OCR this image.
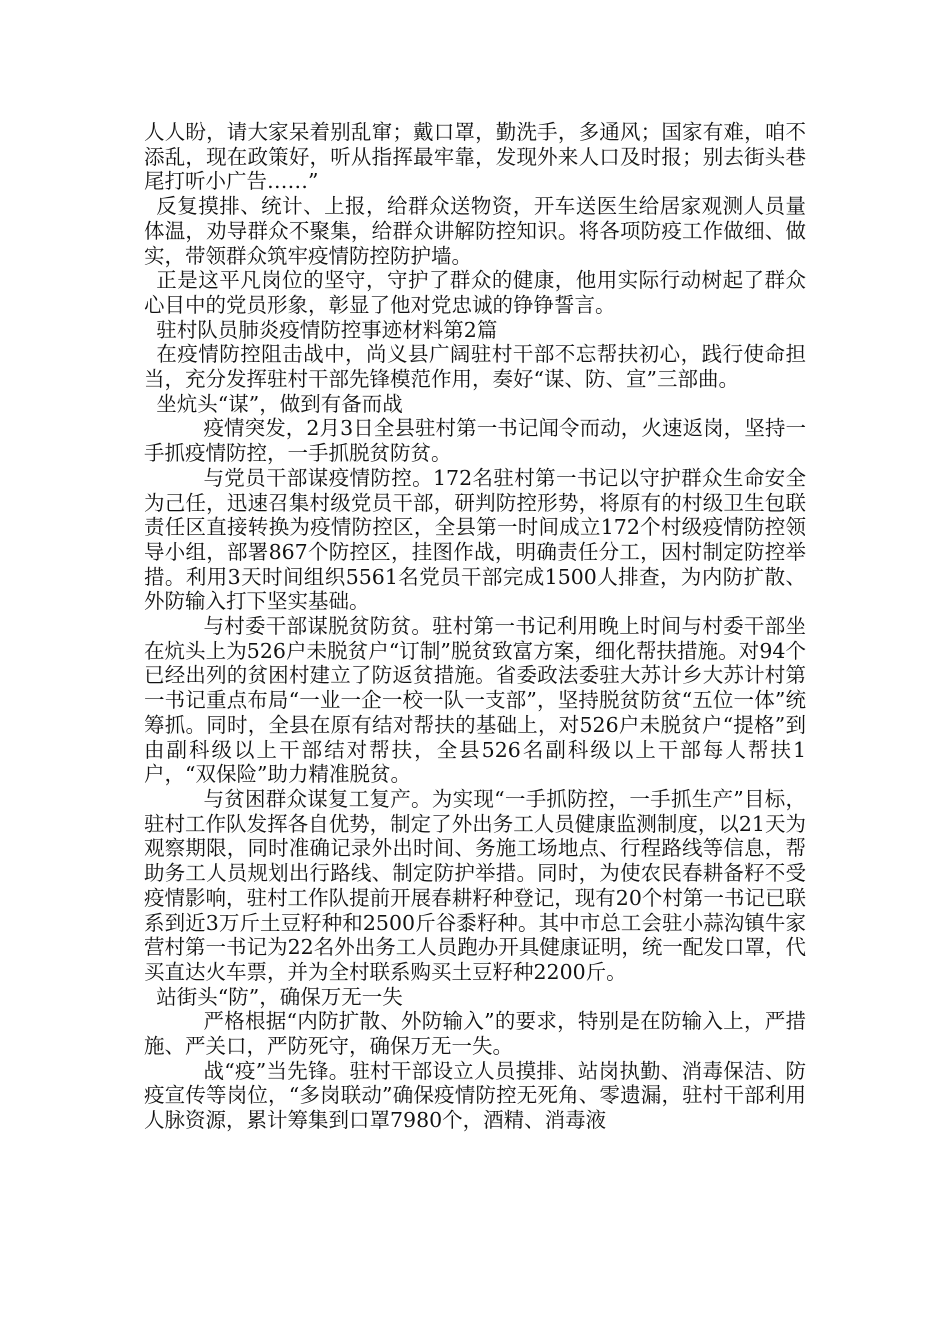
人人盼，请大家呆着别乱窜；戴口罩，勤洗手，多通风；国家有难，咱不添乱，现在政策好，听从指挥最牢靠，发现外来人口及时报；别去街头巷尾打听小广告……”

反复摸排、统计、上报，给群众送物资，开车送医生给居家观测人员量体温，劝导群众不聚集，给群众讲解防控知识。将各项防疫工作做细、做实，带领群众筑牢疫情防控防护墙。

正是这平凡岗位的坚守，守护了群众的健康，他用实际行动树起了群众心目中的党员形象，彰显了他对党忠诚的铮铮誓言。

驻村队员肺炎疫情防控事迹材料第2篇

在疫情防控阻击战中，尚义县广阔驻村干部不忘帮扶初心，践行使命担当，充分发挥驻村干部先锋模范作用，奏好“谋、防、宣”三部曲。

坐炕头“谋”，做到有备而战

疫情突发，2月3日全县驻村第一书记闻令而动，火速返岗，坚持一手抓疫情防控，一手抓脱贫防贫。

与党员干部谋疫情防控。172名驻村第一书记以守护群众生命安全为己任，迅速召集村级党员干部，研判防控形势，将原有的村级卫生包联责任区直接转换为疫情防控区，全县第一时间成立172个村级疫情防控领导小组，部署867个防控区，挂图作战，明确责任分工，因村制定防控举措。利用3天时间组织5561名党员干部完成1500人排查，为内防扩散、外防输入打下坚实基础。

与村委干部谋脱贫防贫。驻村第一书记利用晚上时间与村委干部坐在炕头上为526户未脱贫户“订制”脱贫致富方案，细化帮扶措施。对94个已经出列的贫困村建立了防返贫措施。省委政法委驻大苏计乡大苏计村第一书记重点布局“一业一企一校一队一支部”，坚持脱贫防贫“五位一体”统筹抓。同时，全县在原有结对帮扶的基础上，对526户未脱贫户“提格”到由副科级以上干部结对帮扶，全县526名副科级以上干部每人帮扶1户，“双保险”助力精准脱贫。

与贫困群众谋复工复产。为实现“一手抓防控，一手抓生产”目标，驻村工作队发挥各自优势，制定了外出务工人员健康监测制度，以21天为观察期限，同时准确记录外出时间、务施工场地点、行程路线等信息，帮助务工人员规划出行路线、制定防护举措。同时，为使农民春耕备籽不受疫情影响，驻村工作队提前开展春耕籽种登记，现有20个村第一书记已联系到近3万斤土豆籽种和2500斤谷黍籽种。其中市总工会驻小蒜沟镇牛家营村第一书记为22名外出务工人员跑办开具健康证明，统一配发口罩，代买直达火车票，并为全村联系购买土豆籽种2200斤。

站街头“防”，确保万无一失

严格根据“内防扩散、外防输入”的要求，特别是在防输入上，严措施、严关口，严防死守，确保万无一失。

战“疫”当先锋。驻村干部设立人员摸排、站岗执勤、消毒保洁、防疫宣传等岗位，“多岗联动”确保疫情防控无死角、零遗漏，驻村干部利用人脉资源，累计筹集到口罩7980个，酒精、消毒液
